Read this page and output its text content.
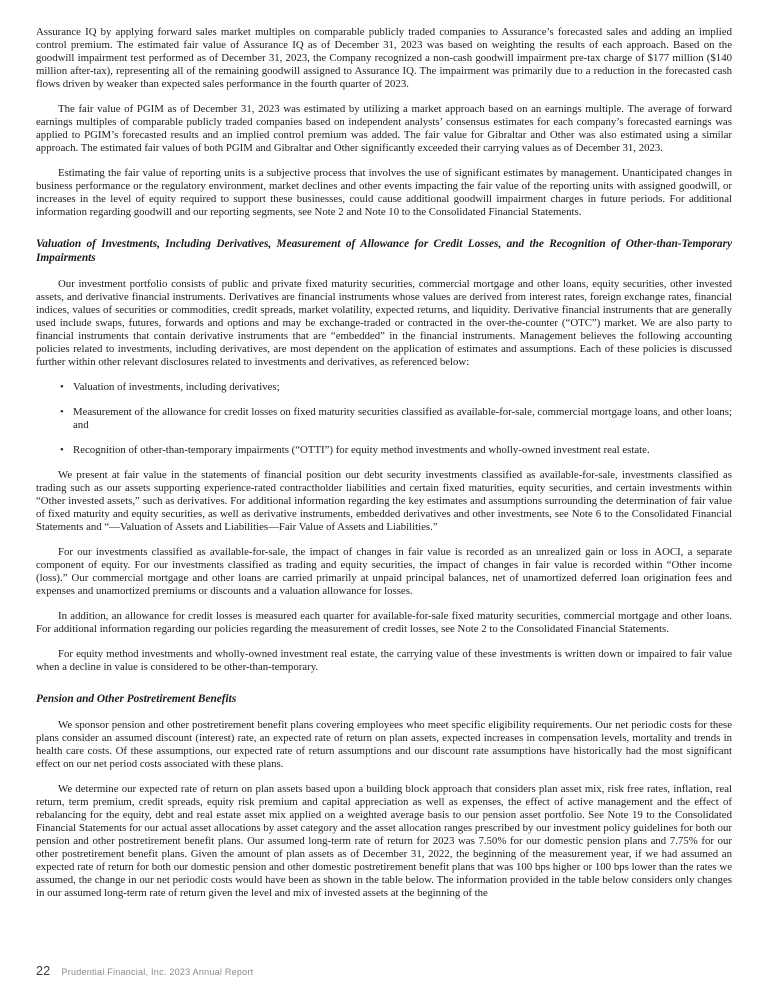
Assurance IQ by applying forward sales market multiples on comparable publicly traded companies to Assurance’s forecasted sales and adding an implied control premium. The estimated fair value of Assurance IQ as of December 31, 2023 was based on weighting the results of each approach. Based on the goodwill impairment test performed as of December 31, 2023, the Company recognized a non-cash goodwill impairment pre-tax charge of $177 million ($140 million after-tax), representing all of the remaining goodwill assigned to Assurance IQ. The impairment was primarily due to a reduction in the forecasted cash flows driven by weaker than expected sales performance in the fourth quarter of 2023.

The fair value of PGIM as of December 31, 2023 was estimated by utilizing a market approach based on an earnings multiple. The average of forward earnings multiples of comparable publicly traded companies based on independent analysts’ consensus estimates for each company’s forecasted earnings was applied to PGIM’s forecasted results and an implied control premium was added. The fair value for Gibraltar and Other was also estimated using a similar approach. The estimated fair values of both PGIM and Gibraltar and Other significantly exceeded their carrying values as of December 31, 2023.

Estimating the fair value of reporting units is a subjective process that involves the use of significant estimates by management. Unanticipated changes in business performance or the regulatory environment, market declines and other events impacting the fair value of the reporting units with assigned goodwill, or increases in the level of equity required to support these businesses, could cause additional goodwill impairment charges in future periods. For additional information regarding goodwill and our reporting segments, see Note 2 and Note 10 to the Consolidated Financial Statements.

Valuation of Investments, Including Derivatives, Measurement of Allowance for Credit Losses, and the Recognition of Other-than-Temporary Impairments

Our investment portfolio consists of public and private fixed maturity securities, commercial mortgage and other loans, equity securities, other invested assets, and derivative financial instruments. Derivatives are financial instruments whose values are derived from interest rates, foreign exchange rates, financial indices, values of securities or commodities, credit spreads, market volatility, expected returns, and liquidity. Derivative financial instruments that are generally used include swaps, futures, forwards and options and may be exchange-traded or contracted in the over-the-counter (“OTC”) market. We are also party to financial instruments that contain derivative instruments that are “embedded” in the financial instruments. Management believes the following accounting policies related to investments, including derivatives, are most dependent on the application of estimates and assumptions. Each of these policies is discussed further within other relevant disclosures related to investments and derivatives, as referenced below:

• Valuation of investments, including derivatives;
• Measurement of the allowance for credit losses on fixed maturity securities classified as available-for-sale, commercial mortgage loans, and other loans; and
• Recognition of other-than-temporary impairments (“OTTI”) for equity method investments and wholly-owned investment real estate.

We present at fair value in the statements of financial position our debt security investments classified as available-for-sale, investments classified as trading such as our assets supporting experience-rated contractholder liabilities and certain fixed maturities, equity securities, and certain investments within “Other invested assets,” such as derivatives. For additional information regarding the key estimates and assumptions surrounding the determination of fair value of fixed maturity and equity securities, as well as derivative instruments, embedded derivatives and other investments, see Note 6 to the Consolidated Financial Statements and “—Valuation of Assets and Liabilities—Fair Value of Assets and Liabilities.”

For our investments classified as available-for-sale, the impact of changes in fair value is recorded as an unrealized gain or loss in AOCI, a separate component of equity. For our investments classified as trading and equity securities, the impact of changes in fair value is recorded within “Other income (loss).” Our commercial mortgage and other loans are carried primarily at unpaid principal balances, net of unamortized deferred loan origination fees and expenses and unamortized premiums or discounts and a valuation allowance for losses.

In addition, an allowance for credit losses is measured each quarter for available-for-sale fixed maturity securities, commercial mortgage and other loans. For additional information regarding our policies regarding the measurement of credit losses, see Note 2 to the Consolidated Financial Statements.

For equity method investments and wholly-owned investment real estate, the carrying value of these investments is written down or impaired to fair value when a decline in value is considered to be other-than-temporary.

Pension and Other Postretirement Benefits

We sponsor pension and other postretirement benefit plans covering employees who meet specific eligibility requirements. Our net periodic costs for these plans consider an assumed discount (interest) rate, an expected rate of return on plan assets, expected increases in compensation levels, mortality and trends in health care costs. Of these assumptions, our expected rate of return assumptions and our discount rate assumptions have historically had the most significant effect on our net period costs associated with these plans.

We determine our expected rate of return on plan assets based upon a building block approach that considers plan asset mix, risk free rates, inflation, real return, term premium, credit spreads, equity risk premium and capital appreciation as well as expenses, the effect of active management and the effect of rebalancing for the equity, debt and real estate asset mix applied on a weighted average basis to our pension asset portfolio. See Note 19 to the Consolidated Financial Statements for our actual asset allocations by asset category and the asset allocation ranges prescribed by our investment policy guidelines for both our pension and other postretirement benefit plans. Our assumed long-term rate of return for 2023 was 7.50% for our domestic pension plans and 7.75% for our other postretirement benefit plans. Given the amount of plan assets as of December 31, 2022, the beginning of the measurement year, if we had assumed an expected rate of return for both our domestic pension and other domestic postretirement benefit plans that was 100 bps higher or 100 bps lower than the rates we assumed, the change in our net periodic costs would have been as shown in the table below. The information provided in the table below considers only changes in our assumed long-term rate of return given the level and mix of invested assets at the beginning of the

22 Prudential Financial, Inc. 2023 Annual Report
